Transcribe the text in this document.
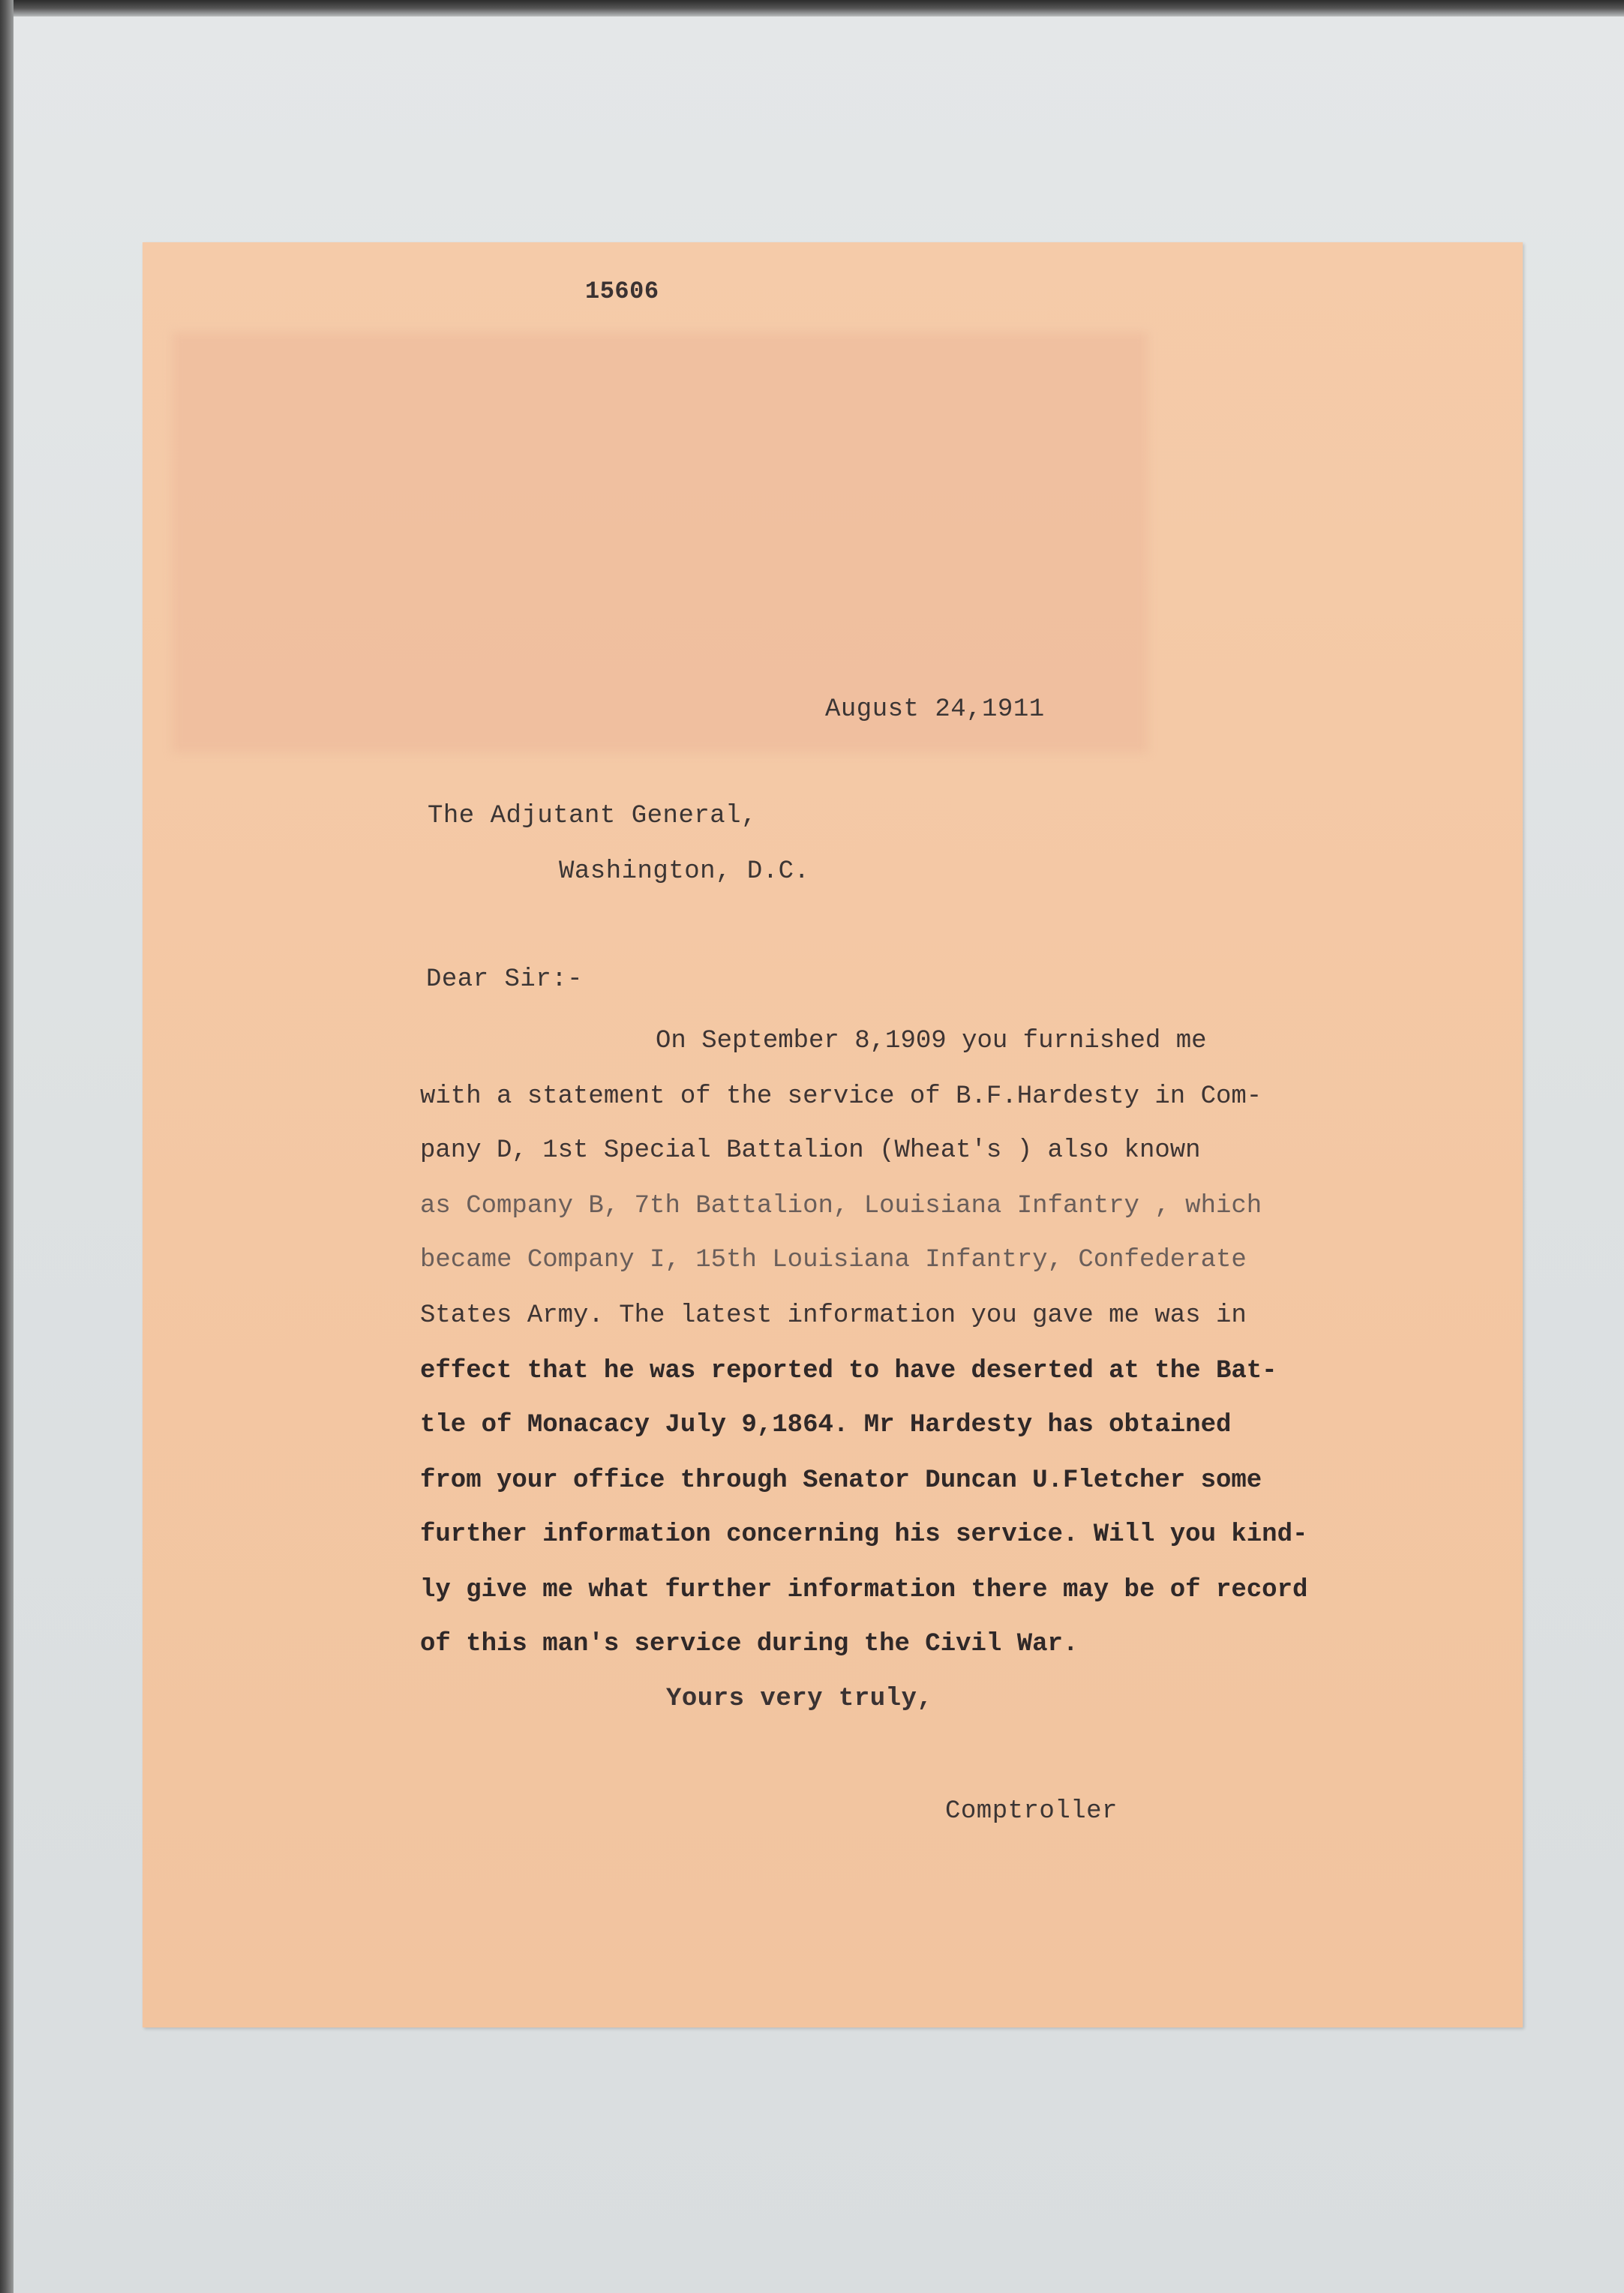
15606
August 24,1911
The Adjutant General,
Washington, D.C.
Dear Sir:-
On September 8,1909 you furnished me
with a statement of the service of B.F.Hardesty in Com-
pany D, 1st Special Battalion (Wheat's ) also known
as Company B, 7th Battalion, Louisiana Infantry , which
became Company I, 15th Louisiana Infantry, Confederate
States Army. The latest information you gave me was in
effect that he was reported to have deserted at the Bat-
tle of Monacacy July 9,1864. Mr Hardesty has obtained
from your office through Senator Duncan U.Fletcher some
further information concerning his service. Will you kind-
ly give me what further information there may be of record
of this man's service during the Civil War.
Yours very truly,
Comptroller
